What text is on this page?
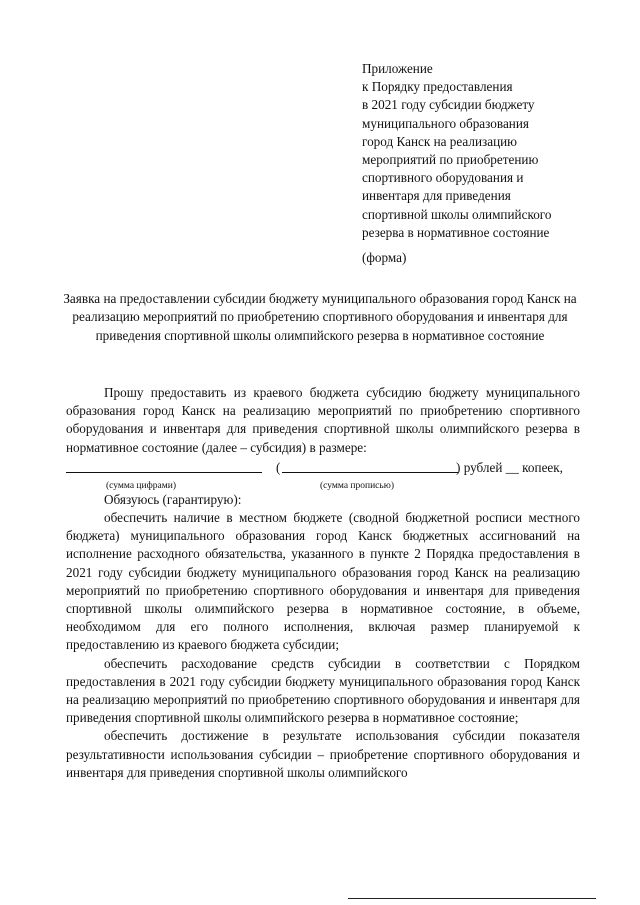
Приложение
к Порядку предоставления
в 2021 году субсидии бюджету
муниципального образования
город Канск на реализацию
мероприятий по приобретению
спортивного оборудования и
инвентаря для приведения
спортивной школы олимпийского
резерва в нормативное состояние
(форма)
Заявка на предоставлении субсидии бюджету муниципального образования город Канск на реализацию мероприятий по приобретению спортивного оборудования и инвентаря для приведения спортивной школы олимпийского резерва в нормативное состояние

Прошу предоставить из краевого бюджета субсидию бюджету муниципального образования город Канск на реализацию мероприятий по приобретению спортивного оборудования и инвентаря для приведения спортивной школы олимпийского резерва в нормативное состояние (далее – субсидия) в размере:

(	) рублей __ копеек,
(сумма цифрами)	(сумма прописью)

Обязуюсь (гарантирую):

обеспечить наличие в местном бюджете (сводной бюджетной росписи местного бюджета) муниципального образования город Канск бюджетных ассигнований на исполнение расходного обязательства, указанного в пункте 2 Порядка предоставления в 2021 году субсидии бюджету муниципального образования город Канск на реализацию мероприятий по приобретению спортивного оборудования и инвентаря для приведения спортивной школы олимпийского резерва в нормативное состояние, в объеме, необходимом для его полного исполнения, включая размер планируемой к предоставлению из краевого бюджета субсидии;

обеспечить расходование средств субсидии в соответствии с Порядком предоставления в 2021 году субсидии бюджету муниципального образования город Канск на реализацию мероприятий по приобретению спортивного оборудования и инвентаря для приведения спортивной школы олимпийского резерва в нормативное состояние;

обеспечить достижение в результате использования субсидии показателя результативности использования субсидии – приобретение спортивного оборудования и инвентаря для приведения спортивной школы олимпийского
